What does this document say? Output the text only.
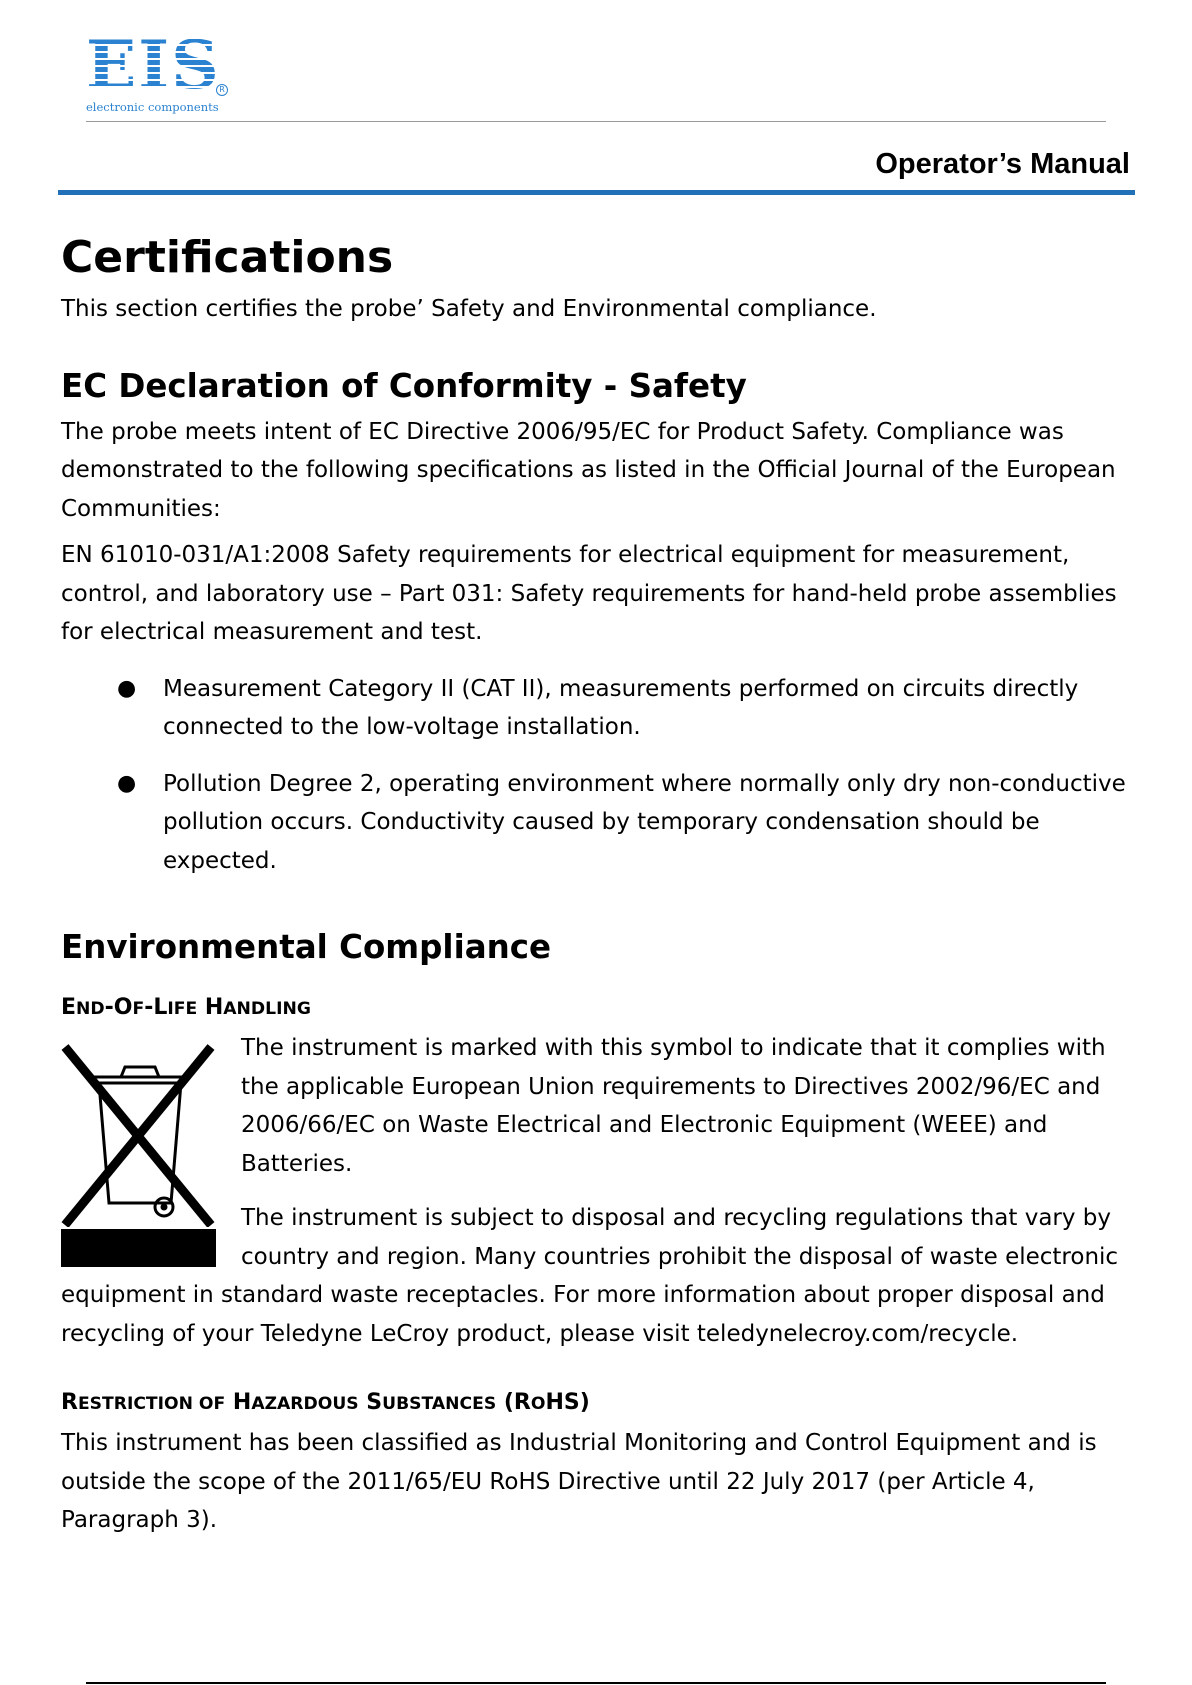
EIS
electronic components
R
Operator’s Manual
Certifications

This section certifies the probe’ Safety and Environmental compliance.

EC Declaration of Conformity - Safety

The probe meets intent of EC Directive 2006/95/EC for Product Safety. Compliance was demonstrated to the following specifications as listed in the Official Journal of the European Communities:

EN 61010-031/A1:2008 Safety requirements for electrical equipment for measurement, control, and laboratory use – Part 031: Safety requirements for hand-held probe assemblies for electrical measurement and test.

● Measurement Category II (CAT II), measurements performed on circuits directly connected to the low-voltage installation.
● Pollution Degree 2, operating environment where normally only dry non-conductive pollution occurs. Conductivity caused by temporary condensation should be expected.
Environmental Compliance
END-OF-LIFE HANDLING

The instrument is marked with this symbol to indicate that it complies with the applicable European Union requirements to Directives 2002/96/EC and 2006/66/EC on Waste Electrical and Electronic Equipment (WEEE) and Batteries.

The instrument is subject to disposal and recycling regulations that vary by country and region. Many countries prohibit the disposal of waste electronic equipment in standard waste receptacles. For more information about proper disposal and recycling of your Teledyne LeCroy product, please visit teledynelecroy.com/recycle.

RESTRICTION OF HAZARDOUS SUBSTANCES (ROHS)

This instrument has been classified as Industrial Monitoring and Control Equipment and is outside the scope of the 2011/65/EU RoHS Directive until 22 July 2017 (per Article 4, Paragraph 3).
